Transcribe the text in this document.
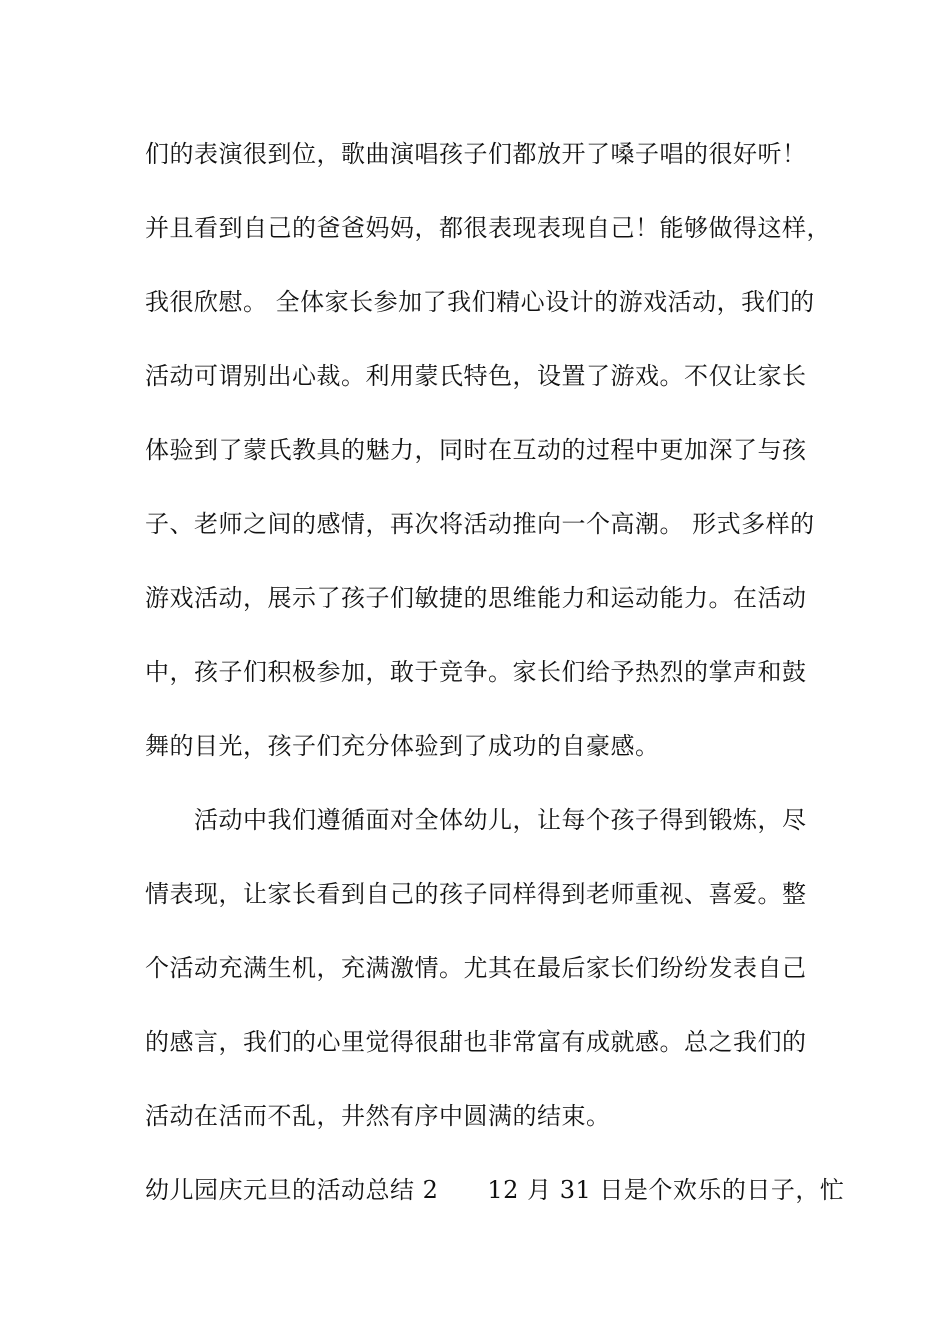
们的表演很到位，歌曲演唱孩子们都放开了嗓子唱的很好听！
并且看到自己的爸爸妈妈，都很表现表现自己！能够做得这样，
我很欣慰。 全体家长参加了我们精心设计的游戏活动，我们的
活动可谓别出心裁。利用蒙氏特色，设置了游戏。不仅让家长
体验到了蒙氏教具的魅力，同时在互动的过程中更加深了与孩
子、老师之间的感情，再次将活动推向一个高潮。 形式多样的
游戏活动，展示了孩子们敏捷的思维能力和运动能力。在活动
中，孩子们积极参加，敢于竞争。家长们给予热烈的掌声和鼓
舞的目光，孩子们充分体验到了成功的自豪感。
　　活动中我们遵循面对全体幼儿，让每个孩子得到锻炼，尽
情表现，让家长看到自己的孩子同样得到老师重视、喜爱。整
个活动充满生机，充满激情。尤其在最后家长们纷纷发表自己
的感言，我们的心里觉得很甜也非常富有成就感。总之我们的
活动在活而不乱，井然有序中圆满的结束。
幼儿园庆元旦的活动总结 2　　12 月 31 日是个欢乐的日子，忙
